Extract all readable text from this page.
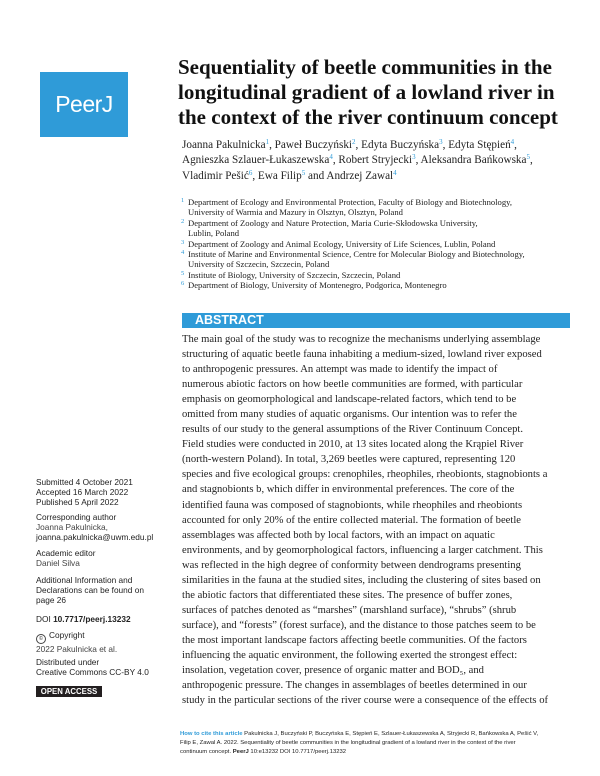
PeerJ
Sequentiality of beetle communities in the longitudinal gradient of a lowland river in the context of the river continuum concept
Joanna Pakulnicka$^1$, Paweł Buczyński$^2$, Edyta Buczyńska$^3$, Edyta Stępień$^4$, Agnieszka Szlauer-Łukaszewska$^4$, Robert Stryjecki$^3$, Aleksandra Bańkowska$^5$, Vladimir Pešić$^6$, Ewa Filip$^5$ and Andrzej Zawal$^4$
1 Department of Ecology and Environmental Protection, Faculty of Biology and Biotechnology,
University of Warmia and Mazury in Olsztyn, Olsztyn, Poland
2 Department of Zoology and Nature Protection, Maria Curie-Skłodowska University,
Lublin, Poland
3 Department of Zoology and Animal Ecology, University of Life Sciences, Lublin, Poland
4 Institute of Marine and Environmental Science, Centre for Molecular Biology and Biotechnology,
University of Szczecin, Szczecin, Poland
5 Institute of Biology, University of Szczecin, Szczecin, Poland
6 Department of Biology, University of Montenegro, Podgorica, Montenegro
ABSTRACT
The main goal of the study was to recognize the mechanisms underlying assemblage
structuring of aquatic beetle fauna inhabiting a medium-sized, lowland river exposed
to anthropogenic pressures. An attempt was made to identify the impact of
numerous abiotic factors on how beetle communities are formed, with particular
emphasis on geomorphological and landscape-related factors, which tend to be
omitted from many studies of aquatic organisms. Our intention was to refer the
results of our study to the general assumptions of the River Continuum Concept.
Field studies were conducted in 2010, at 13 sites located along the Krąpiel River
(north-western Poland). In total, 3,269 beetles were captured, representing 120
species and five ecological groups: crenophiles, rheophiles, rheobionts, stagnobionts a
and stagnobionts b, which differ in environmental preferences. The core of the
identified fauna was composed of stagnobionts, while rheophiles and rheobionts
accounted for only 20% of the entire collected material. The formation of beetle
assemblages was affected both by local factors, with an impact on aquatic
environments, and by geomorphological factors, influencing a larger catchment. This
was reflected in the high degree of conformity between dendrograms presenting
similarities in the fauna at the studied sites, including the clustering of sites based on
the abiotic factors that differentiated these sites. The presence of buffer zones,
surfaces of patches denoted as “marshes” (marshland surface), “shrubs” (shrub
surface), and “forests” (forest surface), and the distance to those patches seem to be
the most important landscape factors affecting beetle communities. Of the factors
influencing the aquatic environment, the following exerted the strongest effect:
insolation, vegetation cover, presence of organic matter and BOD₅, and
anthropogenic pressure. The changes in assemblages of beetles determined in our
study in the particular sections of the river course were a consequence of the effects of
Submitted 4 October 2021
Accepted 16 March 2022
Published 5 April 2022
Corresponding author
Joanna Pakulnicka,
joanna.pakulnicka@uwm.edu.pl
Academic editor
Daniel Silva
Additional Information and
Declarations can be found on
page 26
DOI 10.7717/peerj.13232
© Copyright
2022 Pakulnicka et al.
Distributed under
Creative Commons CC-BY 4.0
OPEN ACCESS
How to cite this article Pakulnicka J, Buczyński P, Buczyńska E, Stępień E, Szlauer-Łukaszewska A, Stryjecki R, Bańkowska A, Pešić V,
Filip E, Zawal A. 2022. Sequentiality of beetle communities in the longitudinal gradient of a lowland river in the context of the river
continuum concept. PeerJ 10:e13232 DOI 10.7717/peerj.13232
